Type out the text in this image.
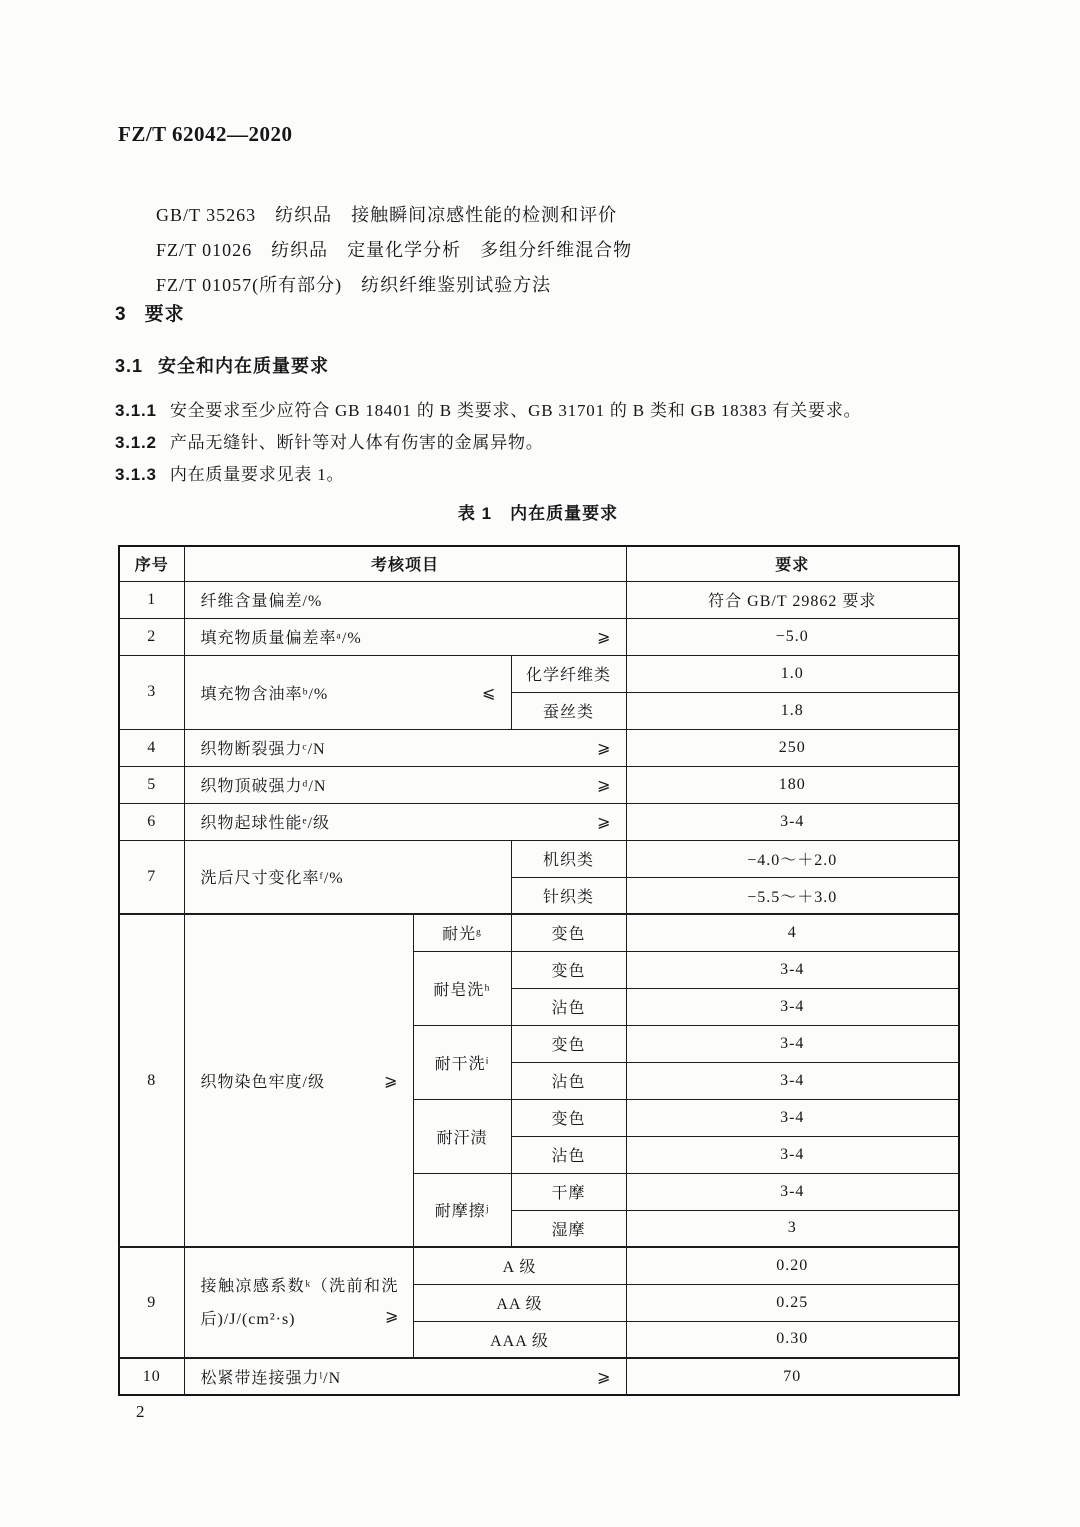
FZ/T 62042—2020
GB/T 35263　纺织品　接触瞬间凉感性能的检测和评价
FZ/T 01026　纺织品　定量化学分析　多组分纤维混合物
FZ/T 01057(所有部分)　纺织纤维鉴别试验方法
3 要求
3.1 安全和内在质量要求
3.1.1 安全要求至少应符合 GB 18401 的 B 类要求、GB 31701 的 B 类和 GB 18383 有关要求。
3.1.2 产品无缝针、断针等对人体有伤害的金属异物。
3.1.3 内在质量要求见表 1。
表 1　内在质量要求
序号	考核项目			要求
1	纤维含量偏差/%			符合 GB/T 29862 要求
2	填充物质量偏差率ᵃ/% ⩾			−5.0
3	填充物含油率ᵇ/% ⩽		化学纤维类	1.0
			蚕丝类	1.8
4	织物断裂强力ᶜ/N ⩾			250
5	织物顶破强力ᵈ/N ⩾			180
6	织物起球性能ᵉ/级 ⩾			3-4
7	洗后尺寸变化率ᶠ/%		机织类	−4.0～＋2.0
			针织类	−5.5～＋3.0
8	织物染色牢度/级 ⩾	耐光ᵍ	变色	4
		耐皂洗ʰ	变色	3-4
			沾色	3-4
		耐干洗ⁱ	变色	3-4
			沾色	3-4
		耐汗渍	变色	3-4
			沾色	3-4
		耐摩擦ʲ	干摩	3-4
			湿摩	3
9	接触凉感系数ᵏ（洗前和洗后)/J/(cm²·s) ⩾	A 级		0.20
		AA 级		0.25
		AAA 级		0.30
10	松紧带连接强力ˡ/N ⩾			70
2
